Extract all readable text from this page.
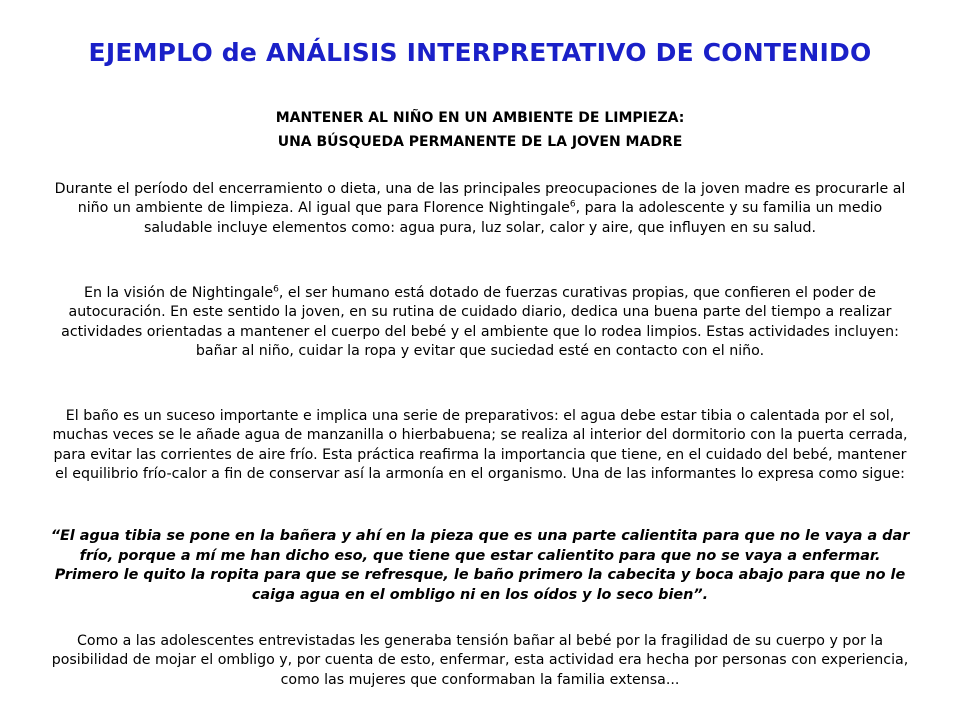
EJEMPLO de ANÁLISIS INTERPRETATIVO DE CONTENIDO
MANTENER AL NIÑO EN UN AMBIENTE DE LIMPIEZA:
UNA BÚSQUEDA PERMANENTE DE LA JOVEN MADRE
Durante el período del encerramiento o dieta, una de las principales preocupaciones de la joven madre es procurarle al niño un ambiente de limpieza. Al igual que para Florence Nightingale$^6$, para la adolescente y su familia un medio saludable incluye elementos como: agua pura, luz solar, calor y aire, que influyen en su salud.
En la visión de Nightingale$^6$, el ser humano está dotado de fuerzas curativas propias, que confieren el poder de autocuración. En este sentido la joven, en su rutina de cuidado diario, dedica una buena parte del tiempo a realizar actividades orientadas a mantener el cuerpo del bebé y el ambiente que lo rodea limpios. Estas actividades incluyen: bañar al niño, cuidar la ropa y evitar que suciedad esté en contacto con el niño.
El baño es un suceso importante e implica una serie de preparativos: el agua debe estar tibia o calentada por el sol, muchas veces se le añade agua de manzanilla o hierbabuena; se realiza al interior del dormitorio con la puerta cerrada, para evitar las corrientes de aire frío. Esta práctica reafirma la importancia que tiene, en el cuidado del bebé, mantener el equilibrio frío-calor a fin de conservar así la armonía en el organismo. Una de las informantes lo expresa como sigue:
“El agua tibia se pone en la bañera y ahí en la pieza que es una parte calientita para que no le vaya a dar frío, porque a mí me han dicho eso, que tiene que estar calientito para que no se vaya a enfermar. Primero le quito la ropita para que se refresque, le baño primero la cabecita y boca abajo para que no le caiga agua en el ombligo ni en los oídos y lo seco bien”.
Como a las adolescentes entrevistadas les generaba tensión bañar al bebé por la fragilidad de su cuerpo y por la posibilidad de mojar el ombligo y, por cuenta de esto, enfermar, esta actividad era hecha por personas con experiencia, como las mujeres que conformaban la familia extensa...
